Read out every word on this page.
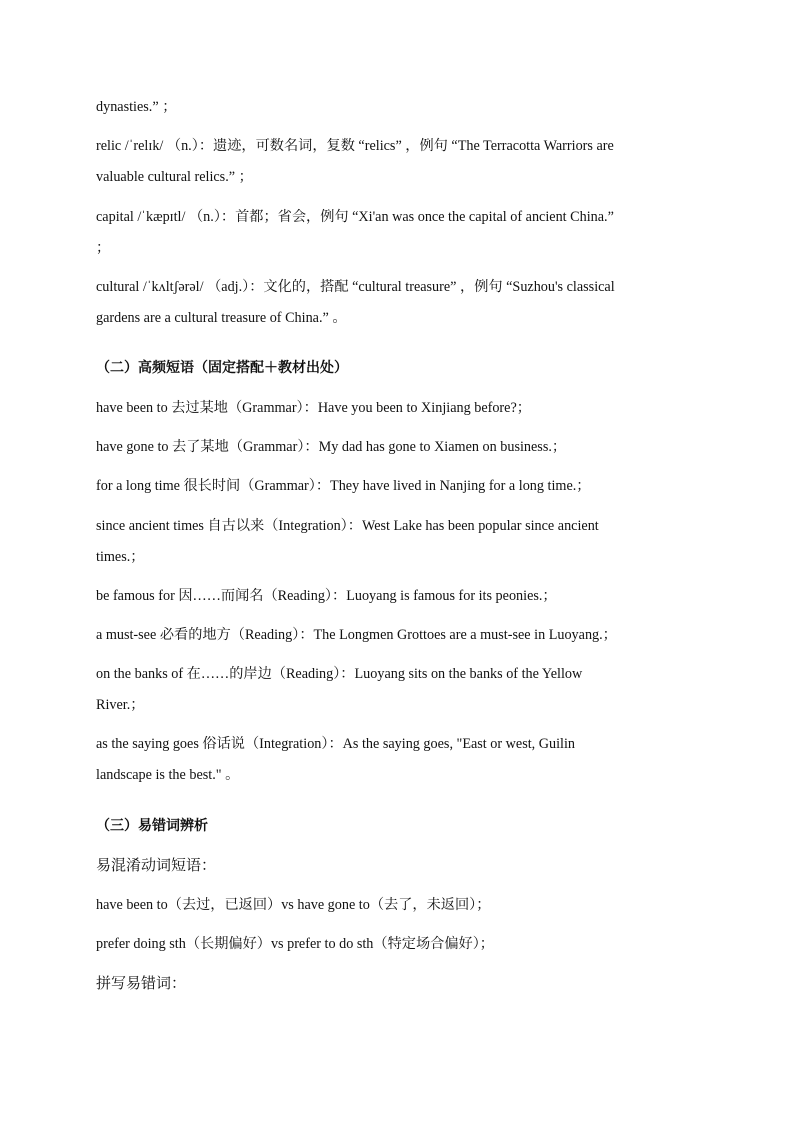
dynasties.” ；
relic /ˈrelɪk/ （n.）：遗迹，可数名词，复数 “relics” ，例句 “The Terracotta Warriors are
valuable cultural relics.” ；
capital /ˈkæpɪtl/ （n.）：首都；省会，例句 “Xi'an was once the capital of ancient China.”
；
cultural /ˈkʌltʃərəl/ （adj.）：文化的，搭配 “cultural treasure” ，例句 “Suzhou's classical
gardens are a cultural treasure of China.” 。
（二）高频短语（固定搭配＋教材出处）
have been to 去过某地（Grammar）：Have you been to Xinjiang before?；
have gone to 去了某地（Grammar）：My dad has gone to Xiamen on business.；
for a long time 很长时间（Grammar）：They have lived in Nanjing for a long time.；
since ancient times 自古以来（Integration）：West Lake has been popular since ancient
times.；
be famous for 因……而闻名（Reading）：Luoyang is famous for its peonies.；
a must-see 必看的地方（Reading）：The Longmen Grottoes are a must-see in Luoyang.；
on the banks of 在……的岸边（Reading）：Luoyang sits on the banks of the Yellow
River.；
as the saying goes 俗话说（Integration）：As the saying goes, "East or west, Guilin
landscape is the best." 。
（三）易错词辨析
易混淆动词短语：
have been to（去过，已返回）vs have gone to（去了，未返回）；
prefer doing sth（长期偏好）vs prefer to do sth（特定场合偏好）；
拼写易错词：
